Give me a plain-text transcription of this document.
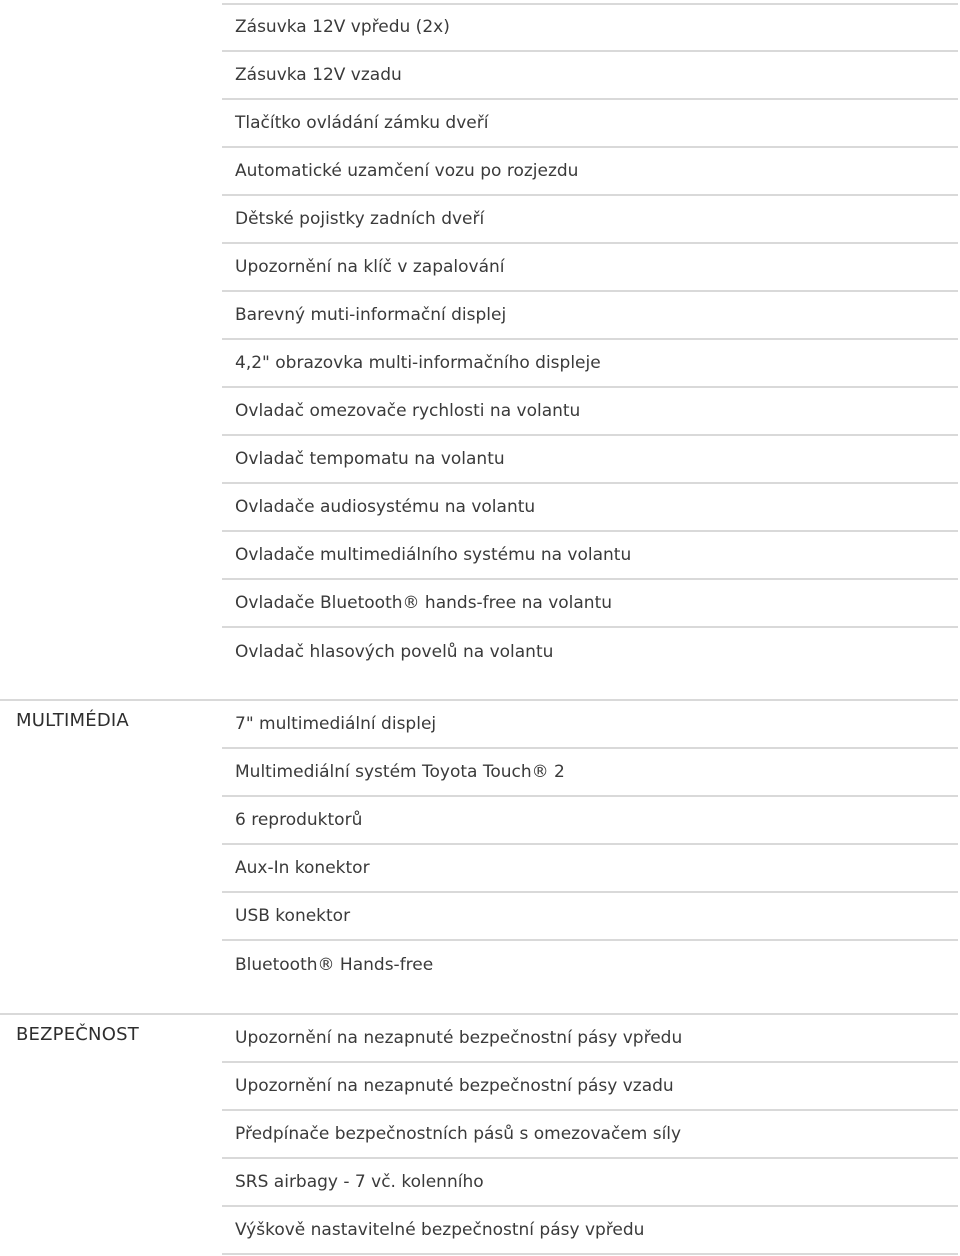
Zásuvka 12V vpředu (2x)
Zásuvka 12V vzadu
Tlačítko ovládání zámku dveří
Automatické uzamčení vozu po rozjezdu
Dětské pojistky zadních dveří
Upozornění na klíč v zapalování
Barevný muti-informační displej
4,2" obrazovka multi-informačního displeje
Ovladač omezovače rychlosti na volantu
Ovladač tempomatu na volantu
Ovladače audiosystému na volantu
Ovladače multimediálního systému na volantu
Ovladače Bluetooth® hands-free na volantu
Ovladač hlasových povelů na volantu
MULTIMÉDIA	7" multimediální displej
Multimediální systém Toyota Touch® 2
6 reproduktorů
Aux-In konektor
USB konektor
Bluetooth® Hands-free
BEZPEČNOST	Upozornění na nezapnuté bezpečnostní pásy vpředu
Upozornění na nezapnuté bezpečnostní pásy vzadu
Předpínače bezpečnostních pásů s omezovačem síly
SRS airbagy - 7 vč. kolenního
Výškově nastavitelné bezpečnostní pásy vpředu
